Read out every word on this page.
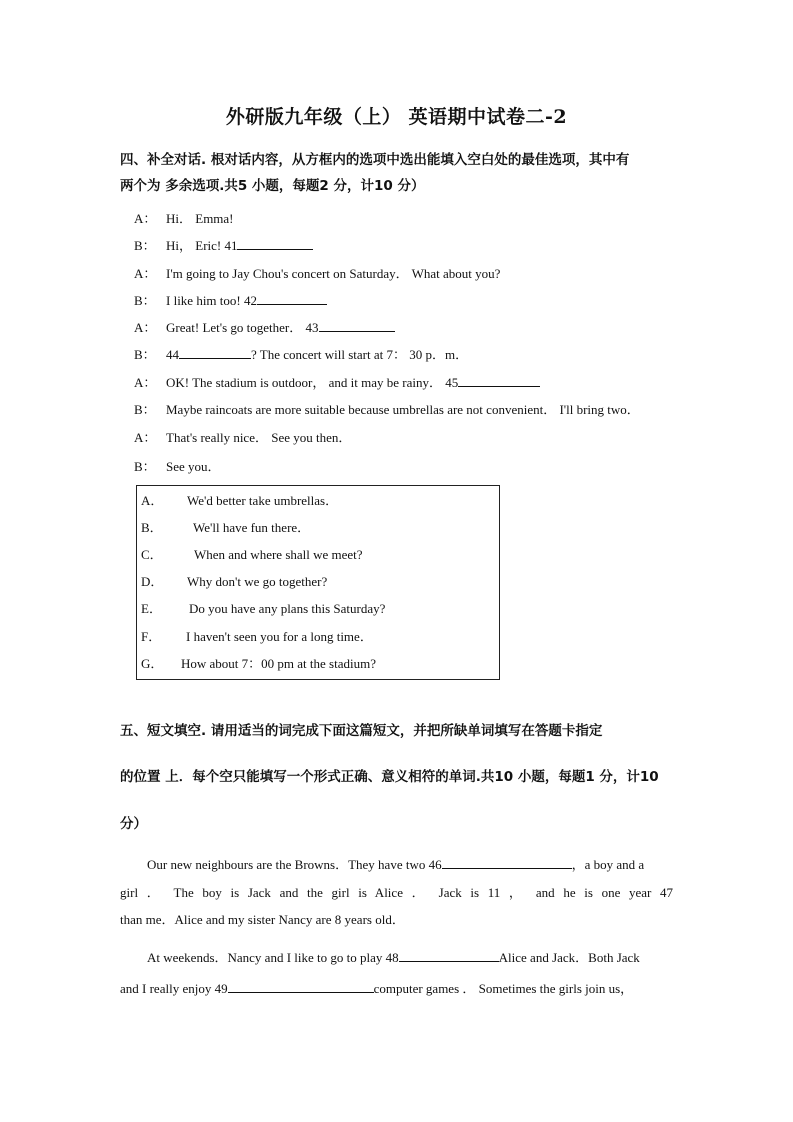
外研版九年级（上） 英语期中试卷二-2
四、补全对话. 根对话内容，从方框内的选项中选出能填入空白处的最佳选项，其中有
两个为 多余选项.共5 小题，每题2 分，计10 分）
A： Hi． Emma!
B： Hi， Eric! 41
A： I'm going to Jay Chou's concert on Saturday． What about you?
B： I like him too! 42
A： Great! Let's go together． 43
B： 44	? The concert will start at 7： 30 p．m．
A： OK! The stadium is outdoor， and it may be rainy． 45
B： Maybe raincoats are more suitable because umbrellas are not convenient． I'll bring two．
A： That's really nice． See you then．
B： See you．
A． We'd better take umbrellas．
B． We'll have fun there．
C． When and where shall we meet?
D． Why don't we go together?
E． Do you have any plans this Saturday?
F． I haven't seen you for a long time．
G． How about 7：00 pm at the stadium?
五、短文填空. 请用适当的词完成下面这篇短文，并把所缺单词填写在答题卡指定
的位置 上．每个空只能填写一个形式正确、意义相符的单词.共10 小题，每题1 分，计10
分）
Our new neighbours are the Browns．They have two 46	，a boy and a
girl ． The boy is Jack and the girl is Alice ． Jack is 11 ， and he is one year 47
than me．Alice and my sister Nancy are 8 years old．
At weekends．Nancy and I like to go to play 48	Alice and Jack．Both Jack
and I really enjoy 49	computer games ． Sometimes the girls join us，
